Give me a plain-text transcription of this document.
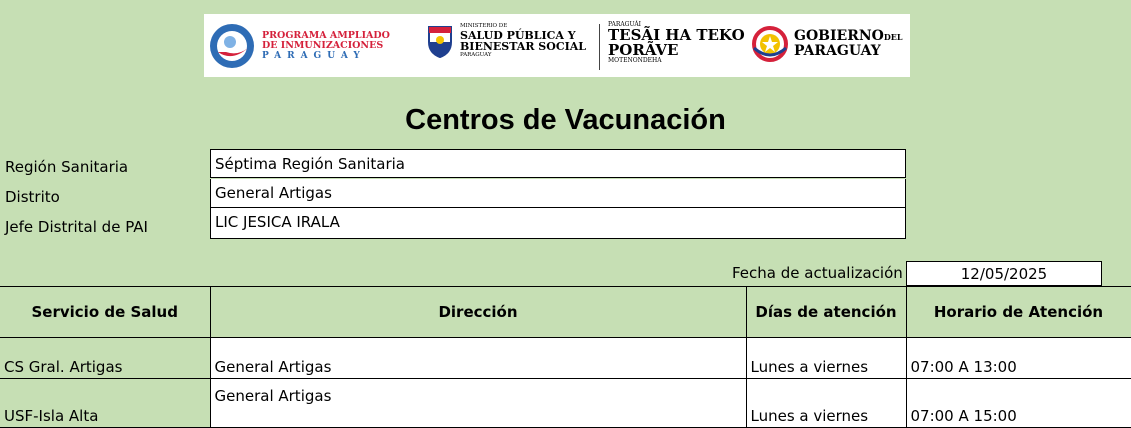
PROGRAMA AMPLIADO
DE INMUNIZACIONES
PARAGUAY
MINISTERIO DE
SALUD PÚBLICA Y
BIENESTAR SOCIAL
PARAGUAY
PARAGUÁI
TESÃI HA TEKO
PORÃVE
MOTENONDEHA
GOBIERNODEL
PARAGUAY
Centros de Vacunación
Región Sanitaria	Séptima Región Sanitaria
Distrito	General Artigas
Jefe Distrital de PAI	LIC JESICA IRALA
Fecha de actualización	12/05/2025
Servicio de Salud	Dirección	Días de atención	Horario de Atención
CS Gral. Artigas	General Artigas	Lunes a viernes	07:00 A 13:00
USF-Isla Alta	General Artigas	Lunes a viernes	07:00 A 15:00
